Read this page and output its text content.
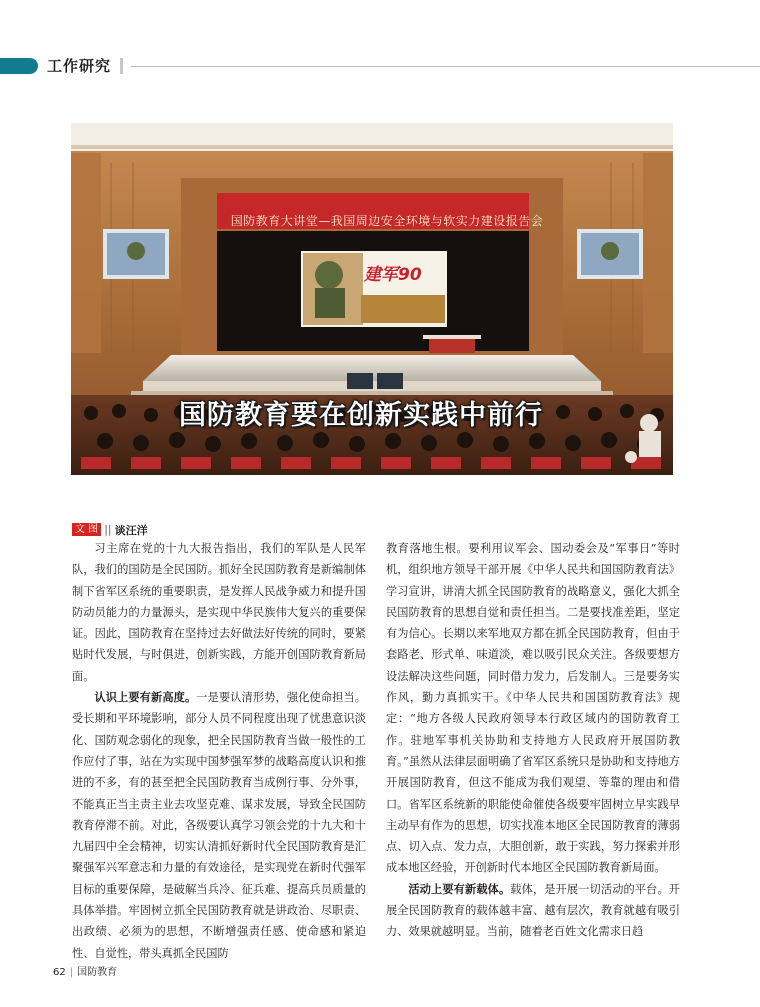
工作研究
国防教育大讲堂—我国周边安全环境与软实力建设报告会
建军90
国防教育要在创新实践中前行
文 图 || 谈汪洋

习主席在党的十九大报告指出，我们的军队是人民军队，我们的国防是全民国防。抓好全民国防教育是新编制体制下省军区系统的重要职责，是发挥人民战争威力和提升国防动员能力的力量源头，是实现中华民族伟大复兴的重要保证。因此，国防教育在坚持过去好做法好传统的同时，要紧贴时代发展，与时俱进，创新实践，方能开创国防教育新局面。

认识上要有新高度。一是要认清形势，强化使命担当。受长期和平环境影响，部分人员不同程度出现了忧患意识淡化、国防观念弱化的现象，把全民国防教育当做一般性的工作应付了事，站在为实现中国梦强军梦的战略高度认识和推进的不多，有的甚至把全民国防教育当成例行事、分外事，不能真正当主责主业去攻坚克难、谋求发展，导致全民国防教育停滞不前。对此，各级要认真学习领会党的十九大和十九届四中全会精神，切实认清抓好新时代全民国防教育是汇聚强军兴军意志和力量的有效途径，是实现党在新时代强军目标的重要保障，是破解当兵冷、征兵难、提高兵员质量的具体举措。牢固树立抓全民国防教育就是讲政治、尽职责、出政绩、必须为的思想，不断增强责任感、使命感和紧迫性、自觉性，带头真抓全民国防

教育落地生根。要利用议军会、国动委会及“军事日”等时机，组织地方领导干部开展《中华人民共和国国防教育法》学习宣讲，讲清大抓全民国防教育的战略意义，强化大抓全民国防教育的思想自觉和责任担当。二是要找准差距，坚定有为信心。长期以来军地双方都在抓全民国防教育，但由于套路老、形式单、味道淡，难以吸引民众关注。各级要想方设法解决这些问题，同时借力发力，后发制人。三是要务实作风，勤力真抓实干。《中华人民共和国国防教育法》规定：“地方各级人民政府领导本行政区域内的国防教育工作。驻地军事机关协助和支持地方人民政府开展国防教育。”虽然从法律层面明确了省军区系统只是协助和支持地方开展国防教育，但这不能成为我们观望、等靠的理由和借口。省军区系统新的职能使命催使各级要牢固树立早实践早主动早有作为的思想，切实找准本地区全民国防教育的薄弱点、切入点、发力点，大胆创新，敢于实践，努力探索并形成本地区经验，开创新时代本地区全民国防教育新局面。

活动上要有新载体。载体，是开展一切活动的平台。开展全民国防教育的载体越丰富、越有层次，教育就越有吸引力、效果就越明显。当前，随着老百姓文化需求日趋

62 | 国防教育
